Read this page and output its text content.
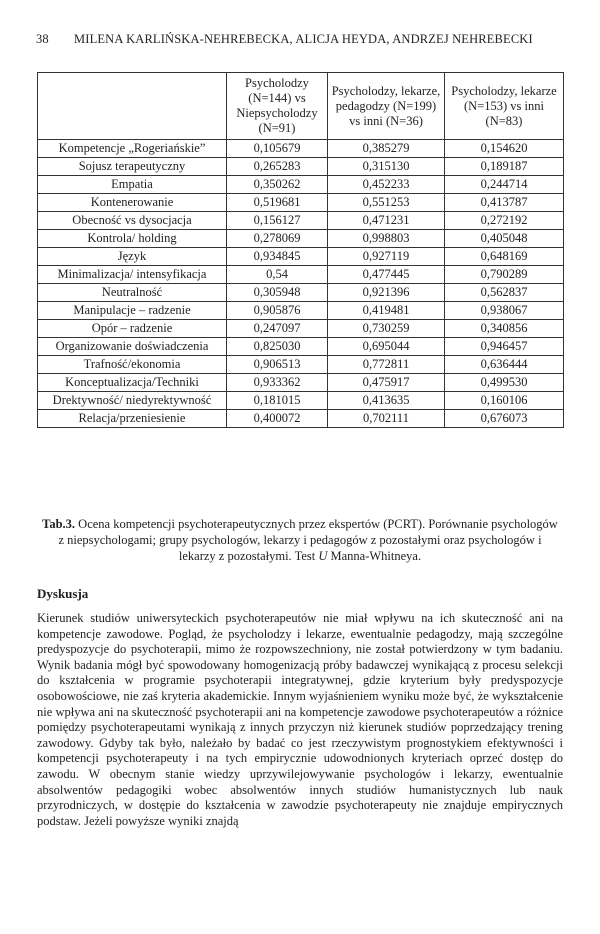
38 MILENA KARLIŃSKA-NEHREBECKA, ALICJA HEYDA, ANDRZEJ NEHREBECKI
	Psycholodzy (N=144) vs Niepsycholodzy (N=91)	Psycholodzy, lekarze, pedagodzy (N=199) vs inni (N=36)	Psycholodzy, lekarze (N=153) vs inni (N=83)
Kompetencje „Rogeriańskie”	0,105679	0,385279	0,154620
Sojusz terapeutyczny	0,265283	0,315130	0,189187
Empatia	0,350262	0,452233	0,244714
Kontenerowanie	0,519681	0,551253	0,413787
Obecność vs dysocjacja	0,156127	0,471231	0,272192
Kontrola/ holding	0,278069	0,998803	0,405048
Język	0,934845	0,927119	0,648169
Minimalizacja/ intensyfikacja	0,54	0,477445	0,790289
Neutralność	0,305948	0,921396	0,562837
Manipulacje – radzenie	0,905876	0,419481	0,938067
Opór – radzenie	0,247097	0,730259	0,340856
Organizowanie doświadczenia	0,825030	0,695044	0,946457
Trafność/ekonomia	0,906513	0,772811	0,636444
Konceptualizacja/Techniki	0,933362	0,475917	0,499530
Drektywność/ niedyrektywność	0,181015	0,413635	0,160106
Relacja/przeniesienie	0,400072	0,702111	0,676073
Tab.3. Ocena kompetencji psychoterapeutycznych przez ekspertów (PCRT). Porównanie psychologów z niepsychologami; grupy psychologów, lekarzy i pedagogów z pozostałymi oraz psychologów i lekarzy z pozostałymi. Test U Manna-Whitneya.
Dyskusja
Kierunek studiów uniwersyteckich psychoterapeutów nie miał wpływu na ich skuteczność ani na kompetencje zawodowe. Pogląd, że psycholodzy i lekarze, ewentualnie pedagodzy, mają szczególne predyspozycje do psychoterapii, mimo że rozpowszechniony, nie został potwierdzony w tym badaniu. Wynik badania mógł być spowodowany homogenizacją próby badawczej wynikającą z procesu selekcji do kształcenia w programie psychoterapii integratywnej, gdzie kryterium były predyspozycje osobowościowe, nie zaś kryteria akademickie. Innym wyjaśnieniem wyniku może być, że wykształcenie nie wpływa ani na skuteczność psychoterapii ani na kompetencje zawodowe psychoterapeutów a różnice pomiędzy psychoterapeutami wynikają z innych przyczyn niż kierunek studiów poprzedzający trening zawodowy. Gdyby tak było, należało by badać co jest rzeczywistym prognostykiem efektywności i kompetencji psychoterapeuty i na tych empirycznie udowodnionych kryteriach oprzeć dostęp do zawodu. W obecnym stanie wiedzy uprzywilejowywanie psychologów i lekarzy, ewentualnie absolwentów pedagogiki wobec absolwentów innych studiów humanistycznych lub nauk przyrodniczych, w dostępie do kształcenia w zawodzie psychoterapeuty nie znajduje empirycznych podstaw. Jeżeli powyższe wyniki znajdą
